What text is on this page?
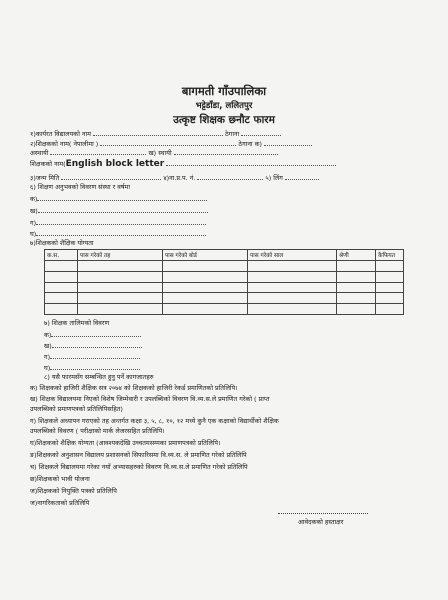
बागमती गाँउपालिका
भट्टेडाँडा, ललितपुर
उत्कृष्ट शिक्षक छनौट फारम
१)कार्यरत विद्यालयको नाम	ठेगाना
२)शिक्षकको नाम( नेपालीमा )	ठेगाना क)
अस्थायी	ख) स्थायी
शिक्षकको नाम(English block letter
३)जन्म मिति	४)ना.प्र.प. नं.	५) लिंग
६) शिक्षण अनुभवको विवरण संस्था र वर्षमा
क)
ख)
ग)
घ)
७)शिक्षकको शैक्षिक योग्यता
क.स.	पास गरेको तह	पास गरेको बोर्ड	पास गरेको साल	श्रेणी	कैफियत

७) शिक्षक तालिमको विवरण
क)
ख)
ग)
घ)
८) यसै फारमसँग सम्बन्धित हुनु पर्ने कागजातहरु
क) शिक्षकको हाजिरी शैक्षिक सत्र २०७४ को शिक्षकको हाजिरी रेकर्ड प्रमाणितको प्रतिलिपि।
ख) शिक्षक विद्यालयमा निएको विशेष जिम्मेवारी र उपलब्धिको विवरण वि.व्य.स.ले प्रमाणित गरेको ( प्राप्त
उपलब्धिको प्रमाणपत्रको प्रतिलिपिसहित)
ग) शिक्षकले अध्यापन गराएको तह अन्तर्गत कक्षा ३, ५, ८, १०, १२ मध्ये कुनै एक कक्षाको विद्यार्थीको शैक्षिक
उपलब्धिको विवरण ( परीक्षाको मार्क लेजरसहित प्रतिलिपि।
घ)शिक्षकको शैक्षिक योग्यता (आवश्यकदेखि उच्चतमसम्मका प्रमाणपत्रको प्रतिलिपि।
ङ)शिक्षकको अनुशासन विद्यालय प्रशासनको सिफारिसमा वि.व्य.स. ले प्रमाणित गरेको प्रतिलिपि
च) शिक्षकले विद्यालयमा गरेका नयाँ अभ्यासहरुको विवरण वि.व्य.स.ले प्रमाणित गरेको प्रतिलिपि
छ)शिक्षकको भावी योजना
ज)शिक्षकको नियुक्ति पत्रको प्रतिलिपि
ज)नागरिकताको प्रतिलिपि
आवेदकको हस्ताक्षर
